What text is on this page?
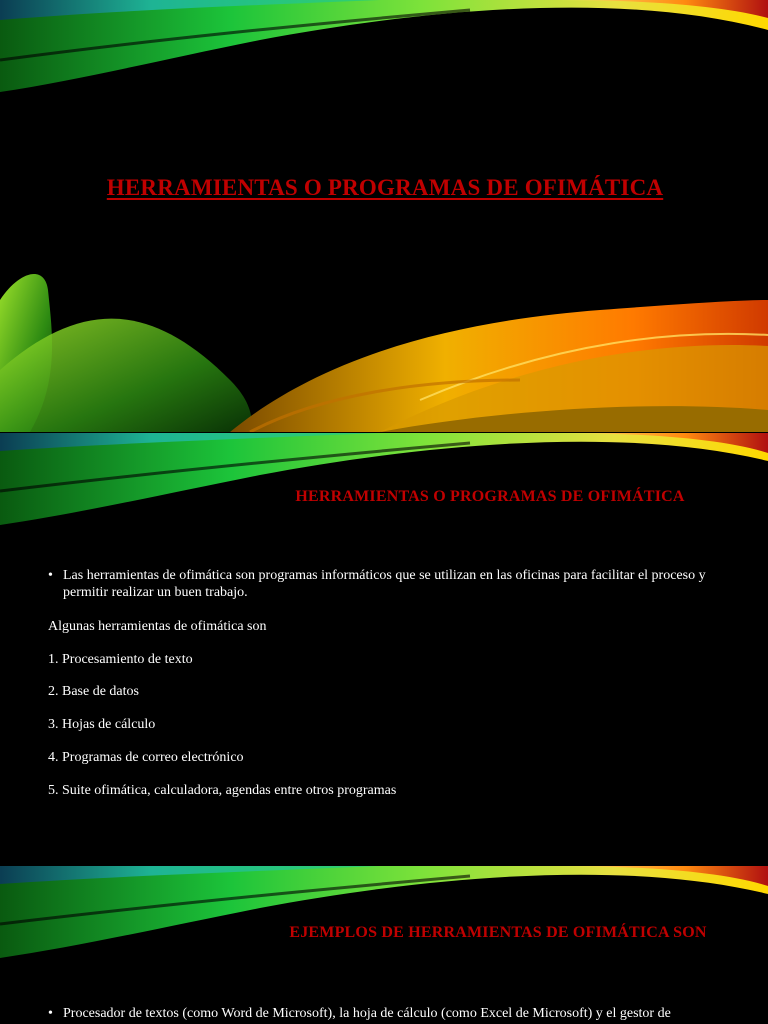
HERRAMIENTAS O PROGRAMAS DE OFIMÁTICA
HERRAMIENTAS O PROGRAMAS DE OFIMÁTICA
• Las herramientas de ofimática son programas informáticos que se utilizan en las oficinas para facilitar el proceso y permitir realizar un buen trabajo.
Algunas herramientas de ofimática son
1. Procesamiento de texto
2. Base de datos
3. Hojas de cálculo
4. Programas de correo electrónico
5. Suite ofimática, calculadora, agendas entre otros programas
EJEMPLOS DE HERRAMIENTAS DE OFIMÁTICA SON
• Procesador de textos (como Word de Microsoft), la hoja de cálculo (como Excel de Microsoft) y el gestor de
